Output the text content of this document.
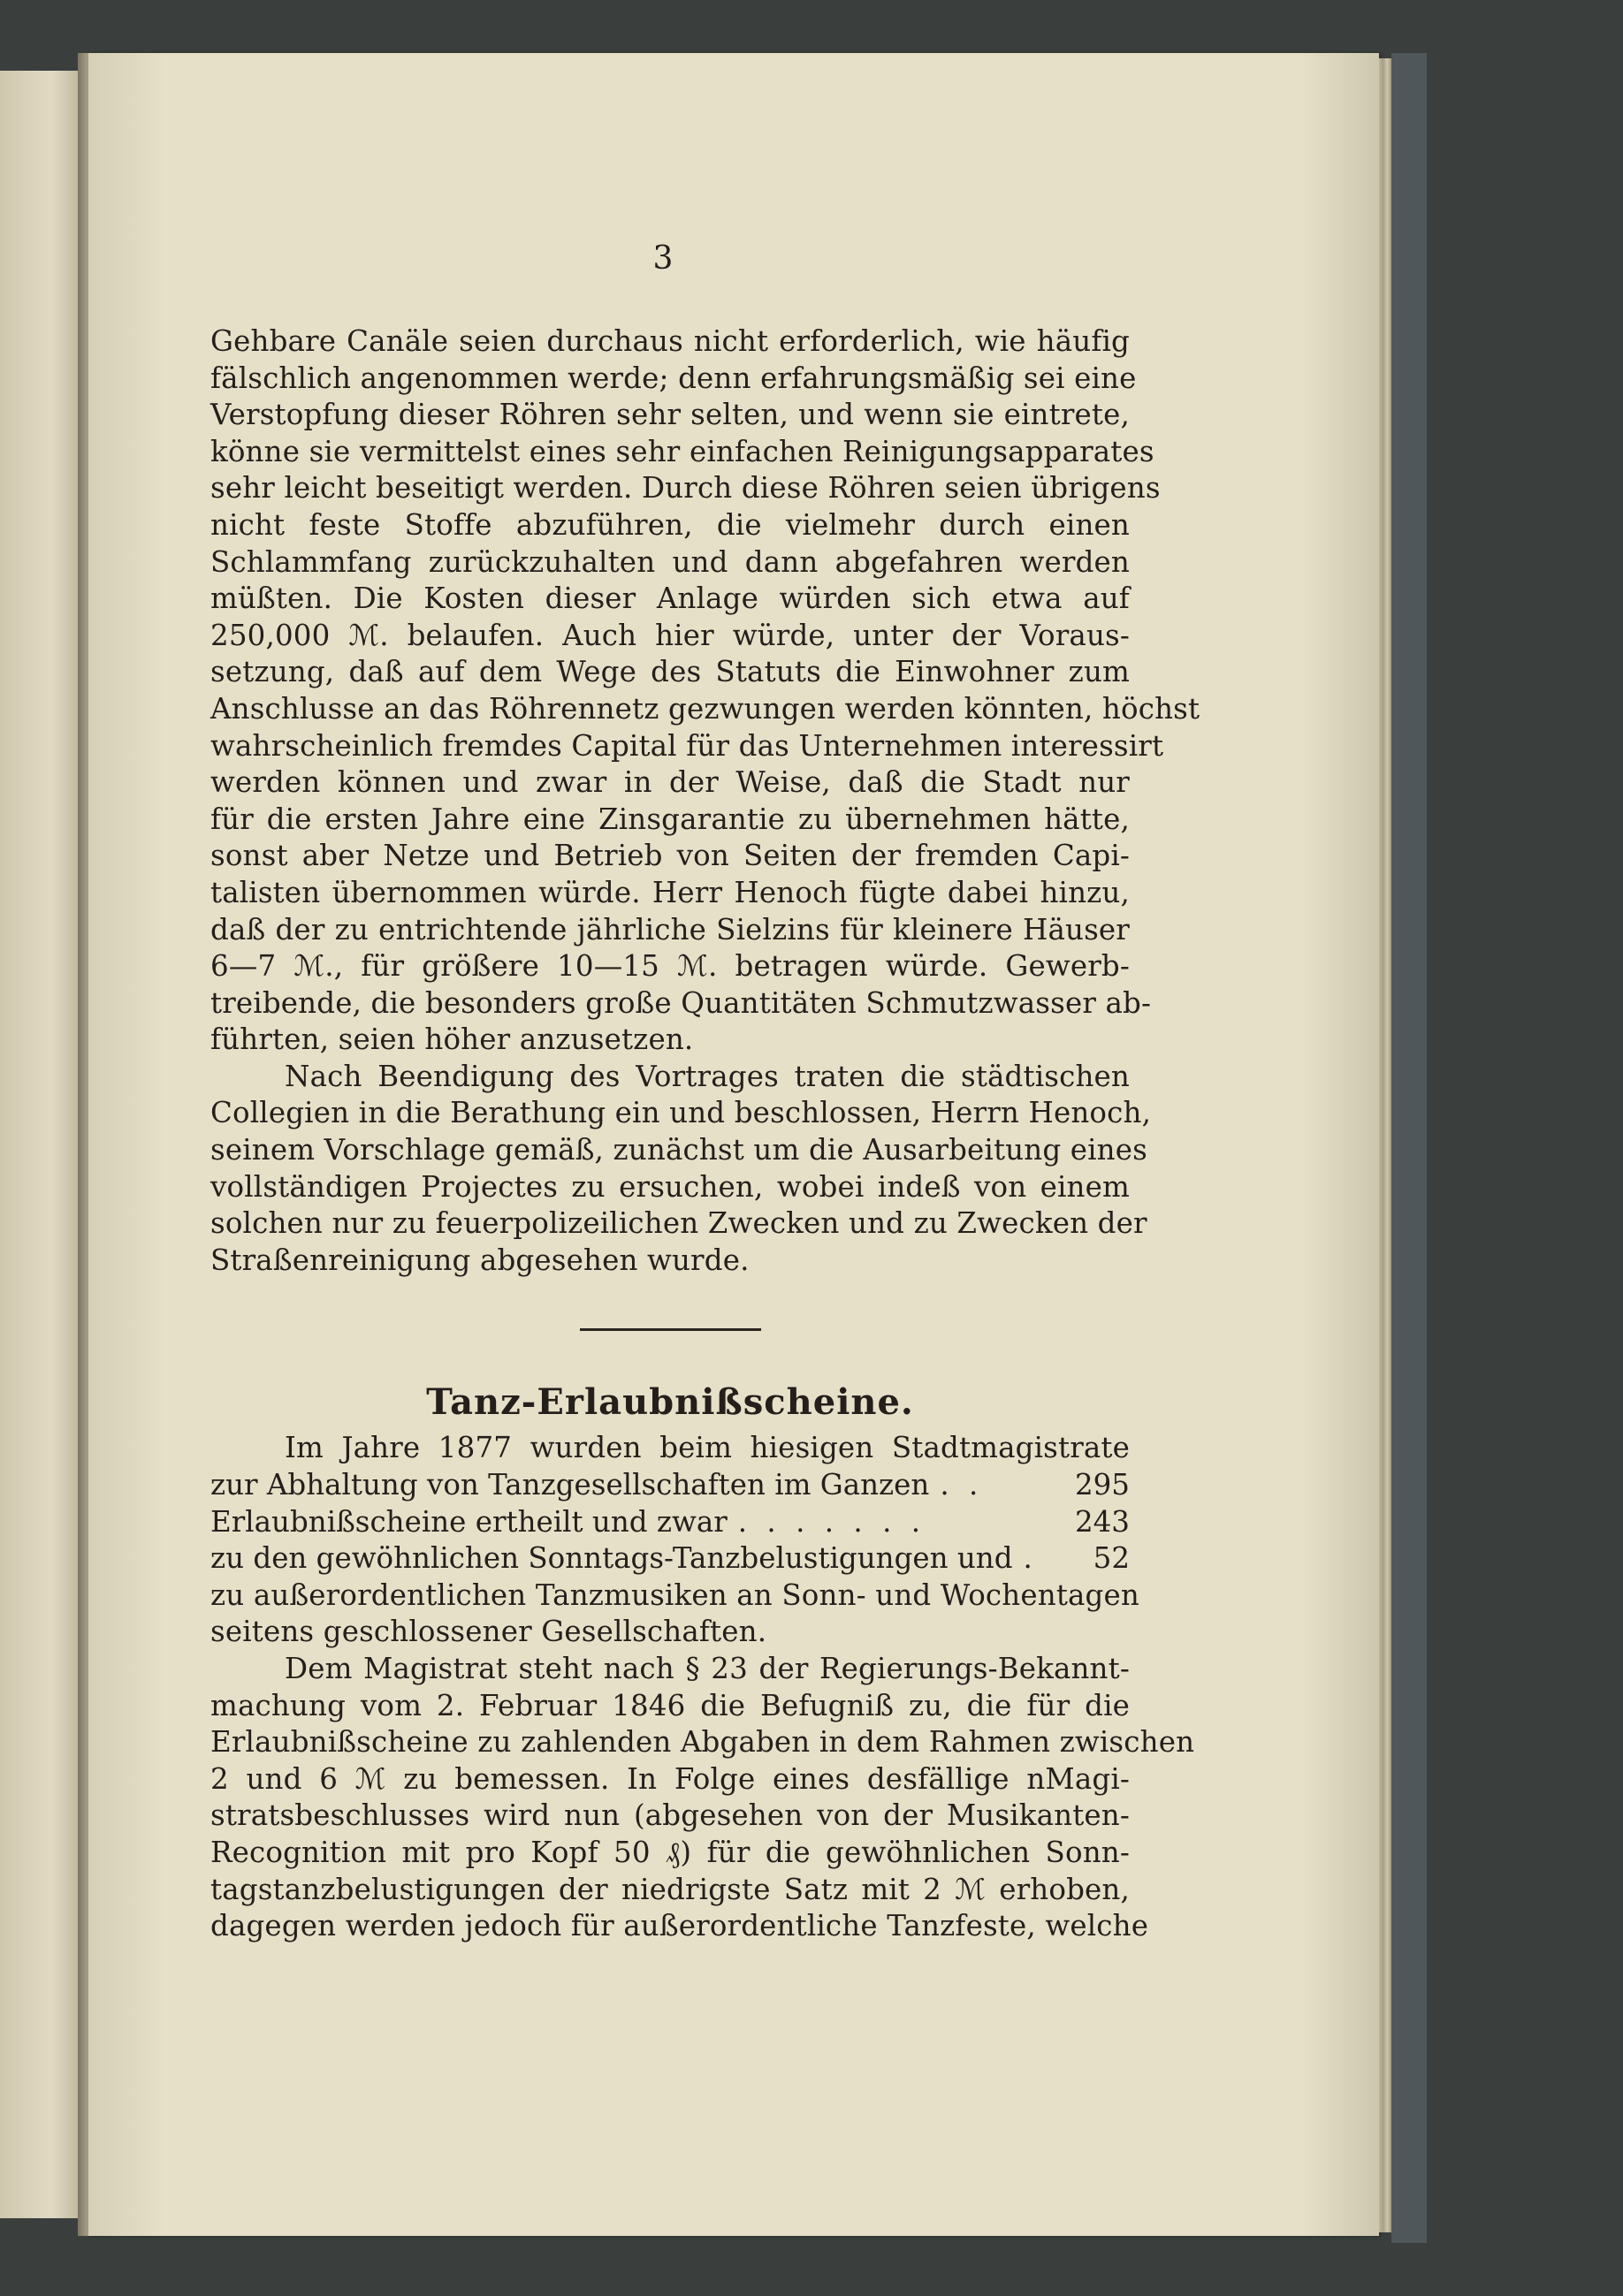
3

Gehbare Canäle seien durchaus nicht erforderlich, wie häufig

fälschlich angenommen werde; denn erfahrungsmäßig sei eine

Verstopfung dieser Röhren sehr selten, und wenn sie eintrete,

könne sie vermittelst eines sehr einfachen Reinigungsapparates

sehr leicht beseitigt werden. Durch diese Röhren seien übrigens

nicht feste Stoffe abzuführen, die vielmehr durch einen

Schlammfang zurückzuhalten und dann abgefahren werden

müßten. Die Kosten dieser Anlage würden sich etwa auf

250,000 ℳ. belaufen. Auch hier würde, unter der Voraus-

setzung, daß auf dem Wege des Statuts die Einwohner zum

Anschlusse an das Röhrennetz gezwungen werden könnten, höchst

wahrscheinlich fremdes Capital für das Unternehmen interessirt

werden können und zwar in der Weise, daß die Stadt nur

für die ersten Jahre eine Zinsgarantie zu übernehmen hätte,

sonst aber Netze und Betrieb von Seiten der fremden Capi-

talisten übernommen würde. Herr Henoch fügte dabei hinzu,

daß der zu entrichtende jährliche Sielzins für kleinere Häuser

6—7 ℳ., für größere 10—15 ℳ. betragen würde. Gewerb-

treibende, die besonders große Quantitäten Schmutzwasser ab-

führten, seien höher anzusetzen.

Nach Beendigung des Vortrages traten die städtischen

Collegien in die Berathung ein und beschlossen, Herrn Henoch,

seinem Vorschlage gemäß, zunächst um die Ausarbeitung eines

vollständigen Projectes zu ersuchen, wobei indeß von einem

solchen nur zu feuerpolizeilichen Zwecken und zu Zwecken der

Straßenreinigung abgesehen wurde.

Tanz-Erlaubnißscheine.

Im Jahre 1877 wurden beim hiesigen Stadtmagistrate

zur Abhaltung von Tanzgesellschaften im Ganzen . .	295
Erlaubnißscheine ertheilt und zwar . . . . . . .	243
zu den gewöhnlichen Sonntags-Tanzbelustigungen und .	52

zu außerordentlichen Tanzmusiken an Sonn- und Wochentagen

seitens geschlossener Gesellschaften.

Dem Magistrat steht nach § 23 der Regierungs-Bekannt-

machung vom 2. Februar 1846 die Befugniß zu, die für die

Erlaubnißscheine zu zahlenden Abgaben in dem Rahmen zwischen

2 und 6 ℳ zu bemessen. In Folge eines desfällige nMagi-

stratsbeschlusses wird nun (abgesehen von der Musikanten-

Recognition mit pro Kopf 50 ₰) für die gewöhnlichen Sonn-

tagstanzbelustigungen der niedrigste Satz mit 2 ℳ erhoben,

dagegen werden jedoch für außerordentliche Tanzfeste, welche
